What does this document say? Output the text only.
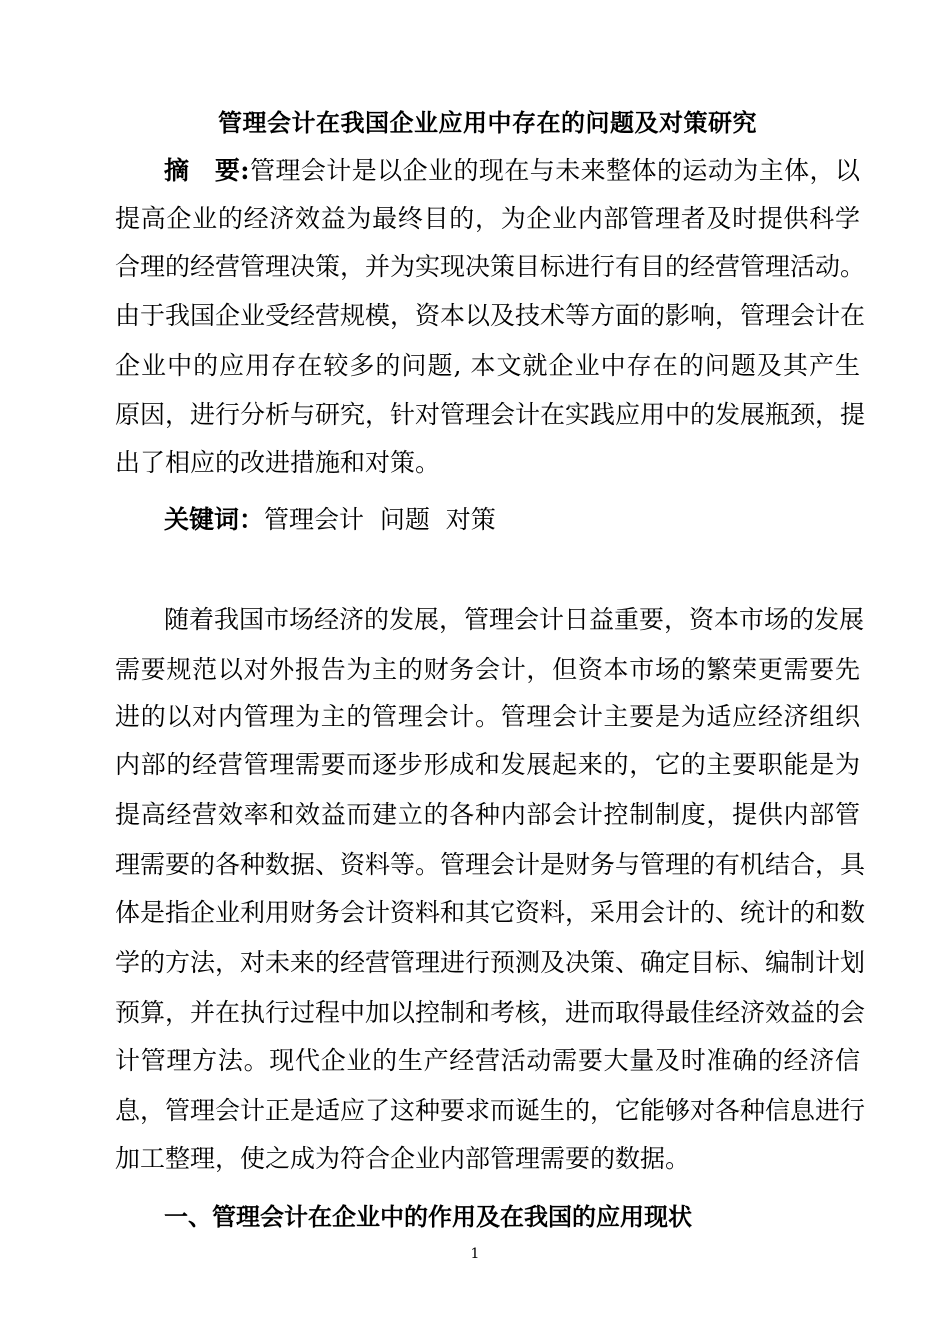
管理会计在我国企业应用中存在的问题及对策研究
摘　要:管理会计是以企业的现在与未来整体的运动为主体，以
提高企业的经济效益为最终目的，为企业内部管理者及时提供科学
合理的经营管理决策，并为实现决策目标进行有目的经营管理活动。
由于我国企业受经营规模，资本以及技术等方面的影响，管理会计在
企业中的应用存在较多的问题, 本文就企业中存在的问题及其产生
原因，进行分析与研究，针对管理会计在实践应用中的发展瓶颈，提
出了相应的改进措施和对策。
关键词：管理会计  问题  对策
随着我国市场经济的发展，管理会计日益重要，资本市场的发展
需要规范以对外报告为主的财务会计，但资本市场的繁荣更需要先
进的以对内管理为主的管理会计。管理会计主要是为适应经济组织
内部的经营管理需要而逐步形成和发展起来的，它的主要职能是为
提高经营效率和效益而建立的各种内部会计控制制度，提供内部管
理需要的各种数据、资料等。管理会计是财务与管理的有机结合，具
体是指企业利用财务会计资料和其它资料，采用会计的、统计的和数
学的方法，对未来的经营管理进行预测及决策、确定目标、编制计划
预算，并在执行过程中加以控制和考核，进而取得最佳经济效益的会
计管理方法。现代企业的生产经营活动需要大量及时准确的经济信
息，管理会计正是适应了这种要求而诞生的，它能够对各种信息进行
加工整理，使之成为符合企业内部管理需要的数据。
一、管理会计在企业中的作用及在我国的应用现状
1
